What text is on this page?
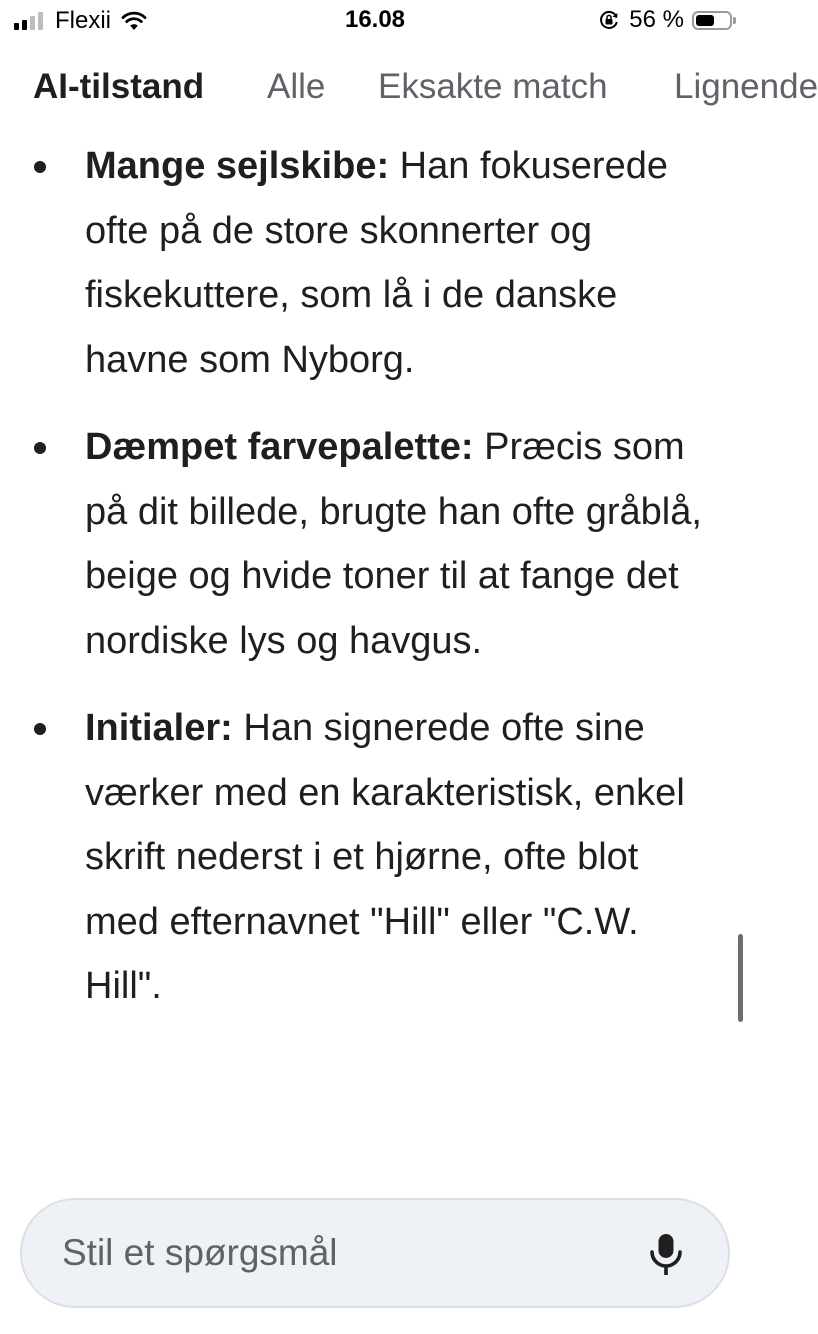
Flexii	16.08	56 %
AI-tilstand Alle Eksakte match Lignende
Mange sejlskibe: Han fokuserede ofte på de store skonnerter og fiskekuttere, som lå i de danske havne som Nyborg.
Dæmpet farvepalette: Præcis som på dit billede, brugte han ofte gråblå, beige og hvide toner til at fange det nordiske lys og havgus.
Initialer: Han signerede ofte sine værker med en karakteristisk, enkel skrift nederst i et hjørne, ofte blot med efternavnet "Hill" eller "C.W. Hill".
Stil et spørgsmål
